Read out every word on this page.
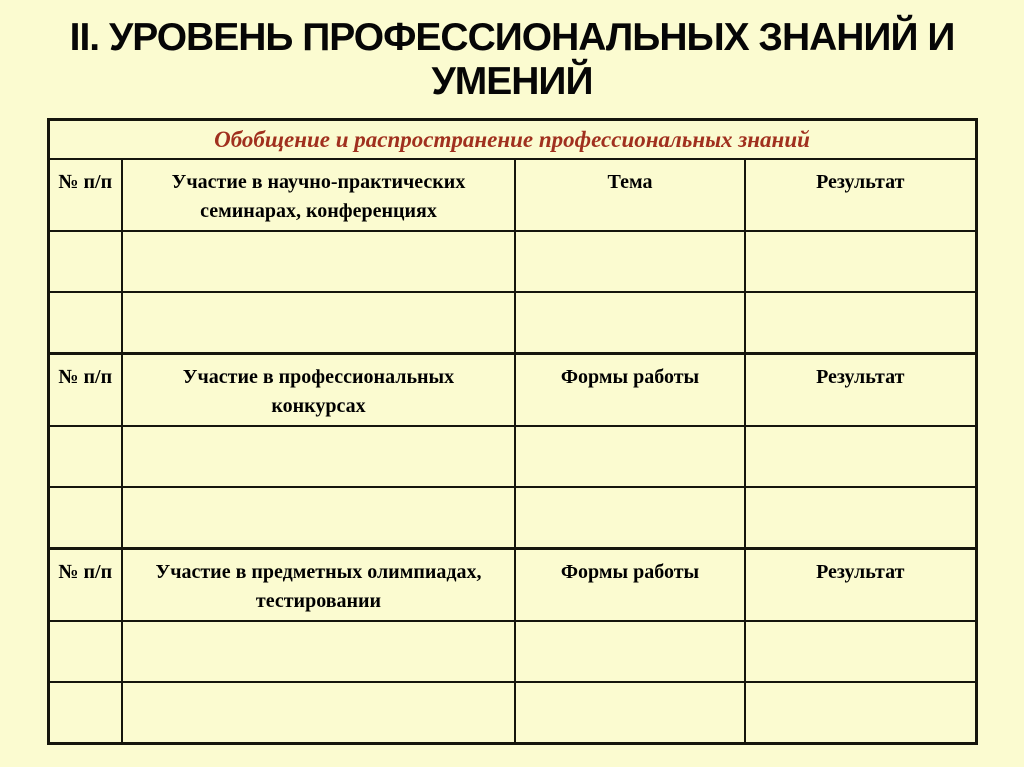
II. УРОВЕНЬ ПРОФЕССИОНАЛЬНЫХ ЗНАНИЙ И УМЕНИЙ
Обобщение и распространение профессиональных знаний			
№ п/п	Участие в научно-практических семинарах, конференциях	Тема	Результат

№ п/п	Участие в профессиональных конкурсах	Формы работы	Результат

№ п/п	Участие в предметных олимпиадах, тестировании	Формы работы	Результат
